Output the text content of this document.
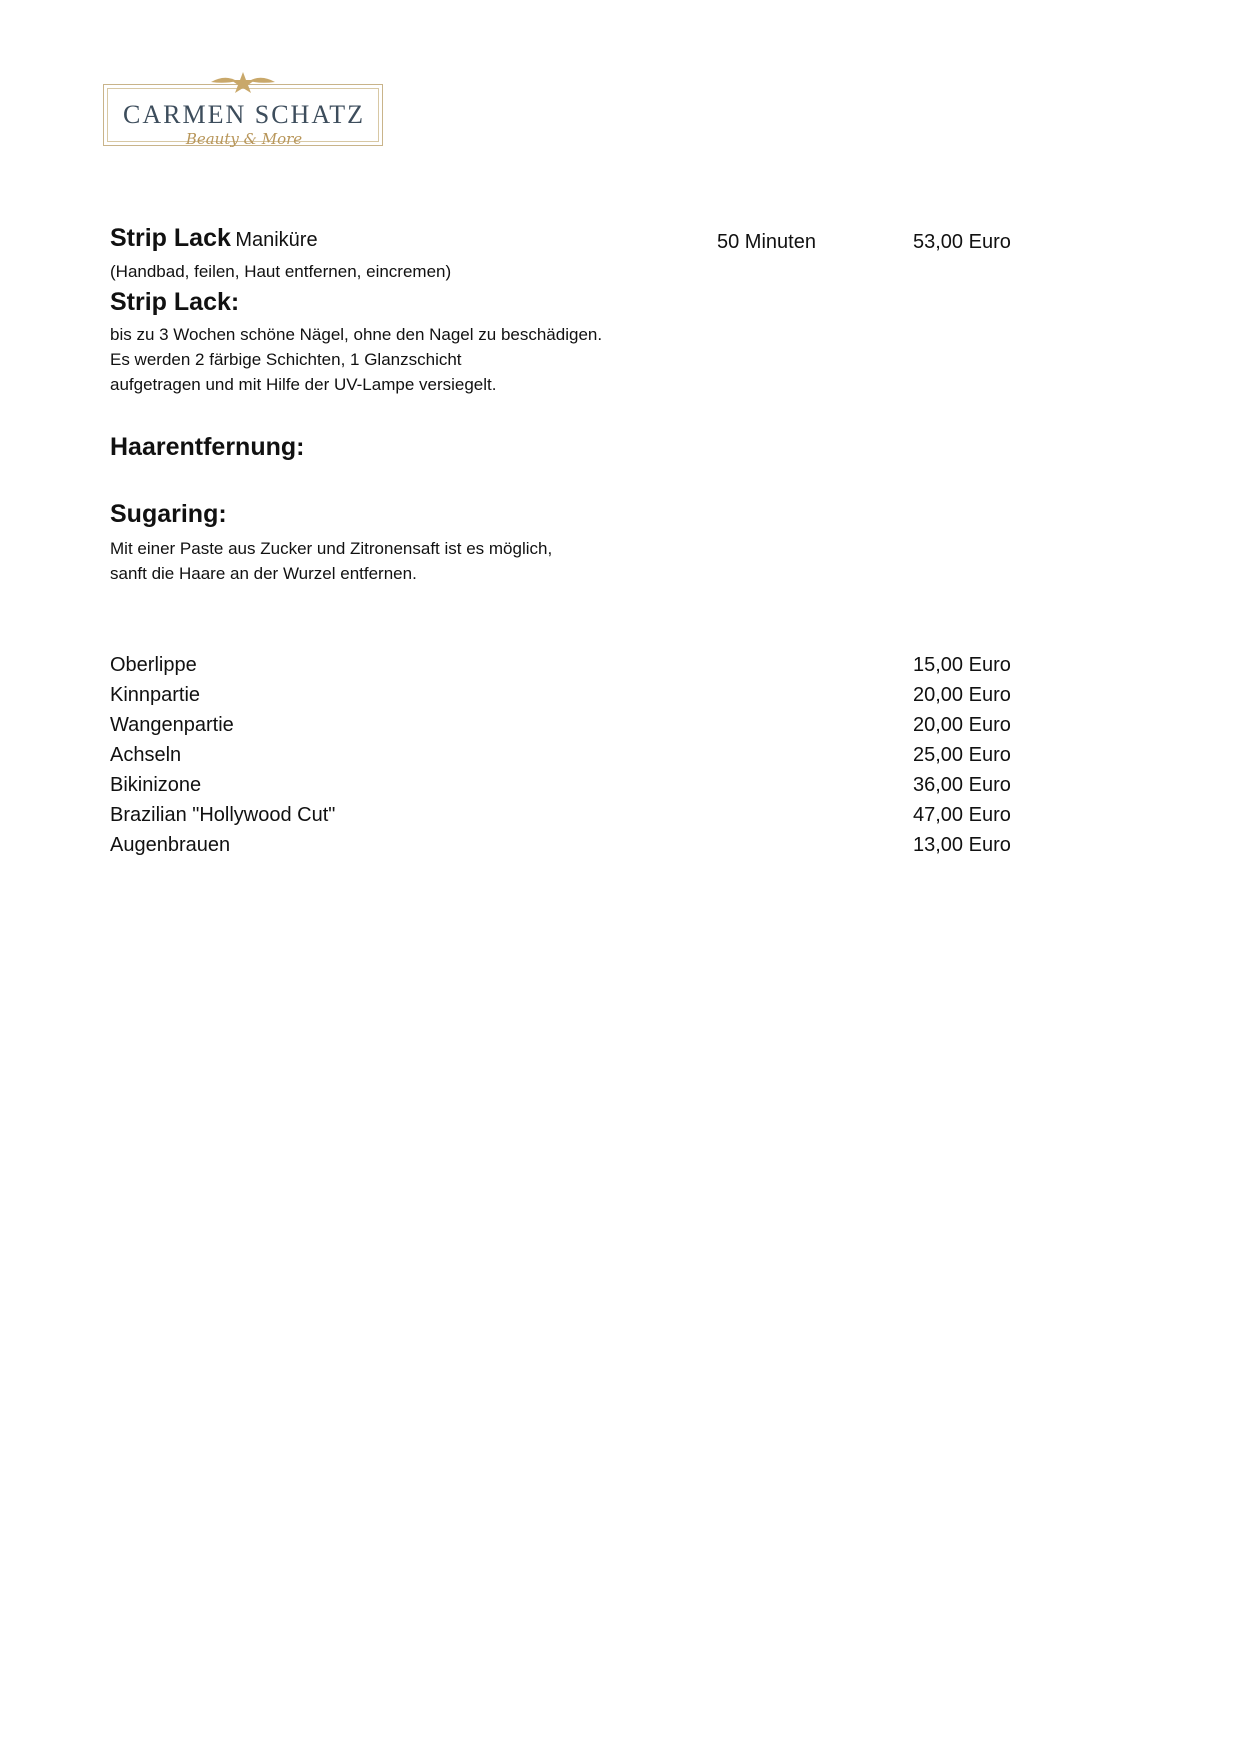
CARMEN SCHATZ
Beauty & More
Strip Lack Maniküre	50 Minuten	53,00 Euro
(Handbad, feilen, Haut entfernen, eincremen)
Strip Lack:
bis zu 3 Wochen schöne Nägel, ohne den Nagel zu beschädigen.
Es werden 2 färbige Schichten, 1 Glanzschicht
aufgetragen und mit Hilfe der UV-Lampe versiegelt.
Haarentfernung:
Sugaring:
Mit einer Paste aus Zucker und Zitronensaft ist es möglich,
sanft die Haare an der Wurzel entfernen.
Oberlippe	15,00 Euro
Kinnpartie	20,00 Euro
Wangenpartie	20,00 Euro
Achseln	25,00 Euro
Bikinizone	36,00 Euro
Brazilian "Hollywood Cut"	47,00 Euro
Augenbrauen	13,00 Euro
